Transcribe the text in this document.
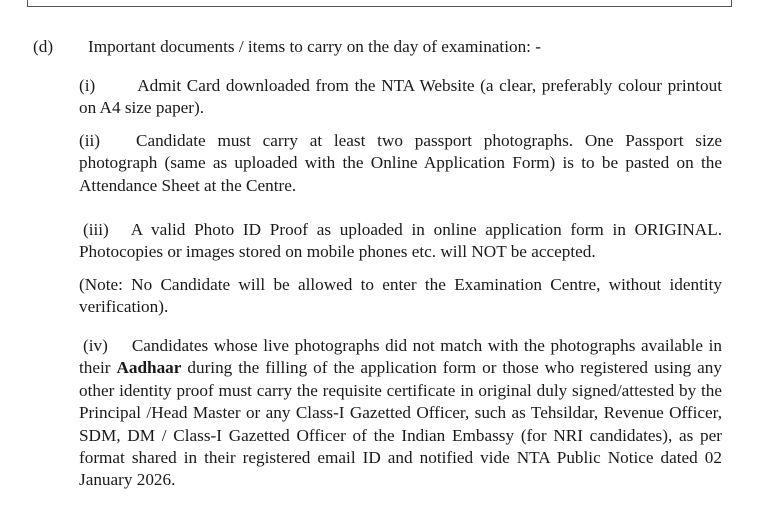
(d) Important documents / items to carry on the day of examination: -
(i) Admit Card downloaded from the NTA Website (a clear, preferably colour printout on A4 size paper).
(ii) Candidate must carry at least two passport photographs. One Passport size photograph (same as uploaded with the Online Application Form) is to be pasted on the Attendance Sheet at the Centre.
(iii) A valid Photo ID Proof as uploaded in online application form in ORIGINAL. Photocopies or images stored on mobile phones etc. will NOT be accepted.
(Note: No Candidate will be allowed to enter the Examination Centre, without identity verification).
(iv) Candidates whose live photographs did not match with the photographs available in their Aadhaar during the filling of the application form or those who registered using any other identity proof must carry the requisite certificate in original duly signed/attested by the Principal /Head Master or any Class-I Gazetted Officer, such as Tehsildar, Revenue Officer, SDM, DM / Class-I Gazetted Officer of the Indian Embassy (for NRI candidates), as per format shared in their registered email ID and notified vide NTA Public Notice dated 02 January 2026.
